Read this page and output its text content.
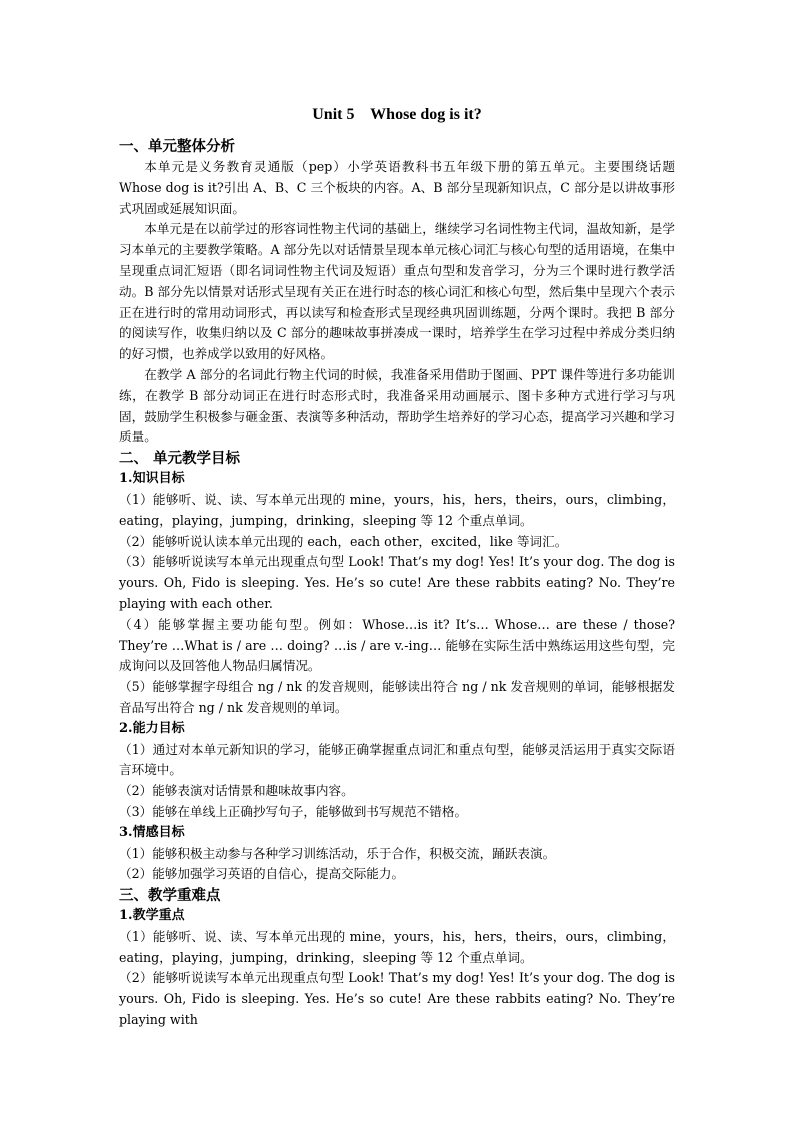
Unit 5    Whose dog is it?
一、单元整体分析

本单元是义务教育灵通版（pep）小学英语教科书五年级下册的第五单元。主要围绕话题 Whose dog is it?引出 A、B、C 三个板块的内容。A、B 部分呈现新知识点，C 部分是以讲故事形式巩固或延展知识面。

本单元是在以前学过的形容词性物主代词的基础上，继续学习名词性物主代词，温故知新，是学习本单元的主要教学策略。A 部分先以对话情景呈现本单元核心词汇与核心句型的适用语境，在集中呈现重点词汇短语（即名词词性物主代词及短语）重点句型和发音学习，分为三个课时进行教学活动。B 部分先以情景对话形式呈现有关正在进行时态的核心词汇和核心句型，然后集中呈现六个表示正在进行时的常用动词形式，再以读写和检查形式呈现经典巩固训练题，分两个课时。我把 B 部分的阅读写作，收集归纳以及 C 部分的趣味故事拼凑成一课时，培养学生在学习过程中养成分类归纳的好习惯，也养成学以致用的好风格。

在教学 A 部分的名词此行物主代词的时候，我准备采用借助于图画、PPT 课件等进行多功能训练，在教学 B 部分动词正在进行时态形式时，我准备采用动画展示、图卡多种方式进行学习与巩固，鼓励学生积极参与砸金蛋、表演等多种活动，帮助学生培养好的学习心态，提高学习兴趣和学习质量。

二、 单元教学目标
1.知识目标

（1）能够听、说、读、写本单元出现的 mine，yours，his，hers，theirs，ours，climbing，eating，playing，jumping，drinking，sleeping 等 12 个重点单词。

（2）能够听说认读本单元出现的 each，each other，excited，like 等词汇。

（3）能够听说读写本单元出现重点句型 Look! That’s my dog! Yes! It’s your dog. The dog is yours. Oh, Fido is sleeping. Yes. He’s so cute! Are these rabbits eating? No. They’re playing with each other.

（4）能够掌握主要功能句型。例如：Whose…is it? It’s… Whose… are these / those? They’re …What is / are … doing? …is / are v.-ing… 能够在实际生活中熟练运用这些句型，完成询问以及回答他人物品归属情况。

（5）能够掌握字母组合 ng / nk 的发音规则，能够读出符合 ng / nk 发音规则的单词，能够根据发音品写出符合 ng / nk 发音规则的单词。

2.能力目标

（1）通过对本单元新知识的学习，能够正确掌握重点词汇和重点句型，能够灵活运用于真实交际语言环境中。

（2）能够表演对话情景和趣味故事内容。

（3）能够在单线上正确抄写句子，能够做到书写规范不错格。

3.情感目标

（1）能够积极主动参与各种学习训练活动，乐于合作，积极交流，踊跃表演。

（2）能够加强学习英语的自信心，提高交际能力。

三、教学重难点
1.教学重点

（1）能够听、说、读、写本单元出现的 mine，yours，his，hers，theirs，ours，climbing，eating，playing，jumping，drinking，sleeping 等 12 个重点单词。

（2）能够听说读写本单元出现重点句型 Look! That’s my dog! Yes! It’s your dog. The dog is yours. Oh, Fido is sleeping. Yes. He’s so cute! Are these rabbits eating? No. They’re playing with
